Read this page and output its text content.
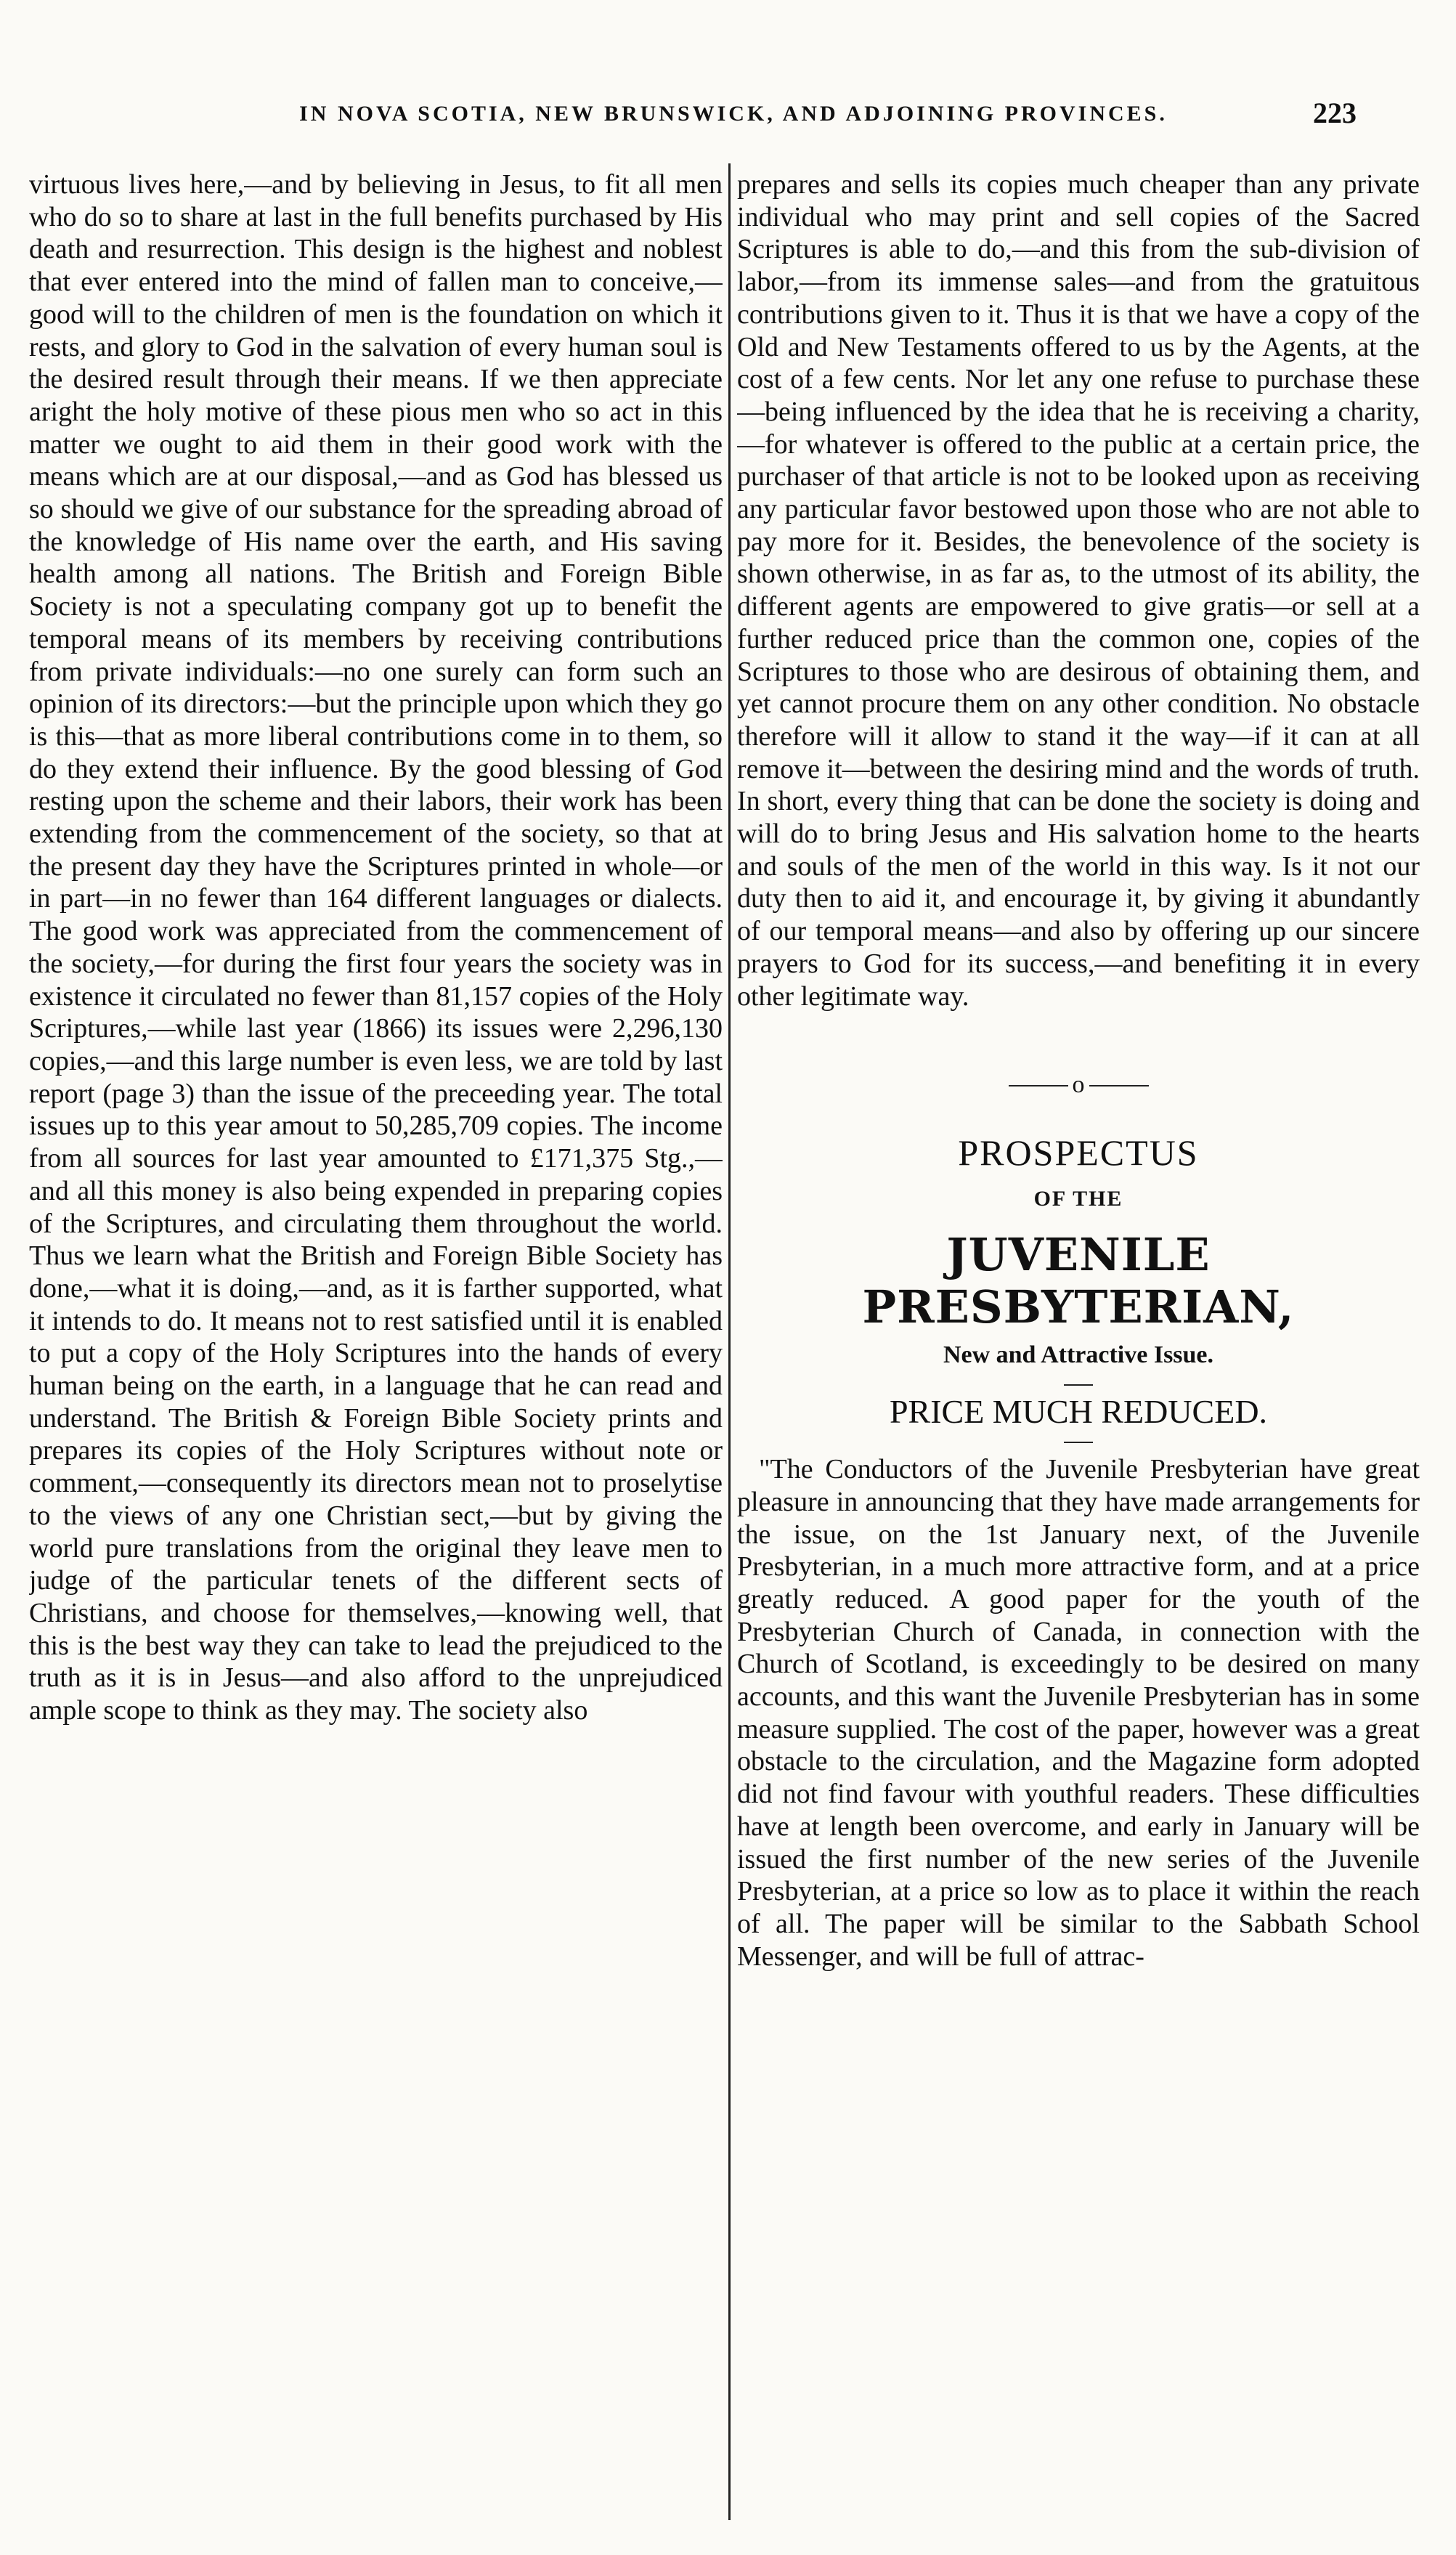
IN NOVA SCOTIA, NEW BRUNSWICK, AND ADJOINING PROVINCES.	223

virtuous lives here,—and by believing in Jesus, to fit all men who do so to share at last in the full benefits purchased by His death and resurrection. This design is the highest and noblest that ever entered into the mind of fallen man to conceive,—good will to the children of men is the foundation on which it rests, and glory to God in the salvation of every human soul is the desired result through their means. If we then appreciate aright the holy motive of these pious men who so act in this matter we ought to aid them in their good work with the means which are at our disposal,—and as God has blessed us so should we give of our substance for the spreading abroad of the knowledge of His name over the earth, and His saving health among all nations. The British and Foreign Bible Society is not a speculating company got up to benefit the temporal means of its members by receiving contributions from private individuals:—no one surely can form such an opinion of its directors:—but the principle upon which they go is this—that as more liberal contributions come in to them, so do they extend their influence. By the good blessing of God resting upon the scheme and their labors, their work has been extending from the commencement of the society, so that at the present day they have the Scriptures printed in whole—or in part—in no fewer than 164 different languages or dialects. The good work was appreciated from the commencement of the society,—for during the first four years the society was in existence it circulated no fewer than 81,157 copies of the Holy Scriptures,—while last year (1866) its issues were 2,296,130 copies,—and this large number is even less, we are told by last report (page 3) than the issue of the preceeding year. The total issues up to this year amout to 50,285,709 copies. The income from all sources for last year amounted to £171,375 Stg.,—and all this money is also being expended in preparing copies of the Scriptures, and circulating them throughout the world. Thus we learn what the British and Foreign Bible Society has done,—what it is doing,—and, as it is farther supported, what it intends to do. It means not to rest satisfied until it is enabled to put a copy of the Holy Scriptures into the hands of every human being on the earth, in a language that he can read and understand. The British & Foreign Bible Society prints and prepares its copies of the Holy Scriptures without note or comment,—consequently its directors mean not to proselytise to the views of any one Christian sect,—but by giving the world pure translations from the original they leave men to judge of the particular tenets of the different sects of Christians, and choose for themselves,—knowing well, that this is the best way they can take to lead the prejudiced to the truth as it is in Jesus—and also afford to the unprejudiced ample scope to think as they may. The society also

prepares and sells its copies much cheaper than any private individual who may print and sell copies of the Sacred Scriptures is able to do,—and this from the sub-division of labor,—from its immense sales—and from the gratuitous contributions given to it. Thus it is that we have a copy of the Old and New Testaments offered to us by the Agents, at the cost of a few cents. Nor let any one refuse to purchase these—being influenced by the idea that he is receiving a charity,—for whatever is offered to the public at a certain price, the purchaser of that article is not to be looked upon as receiving any particular favor bestowed upon those who are not able to pay more for it. Besides, the benevolence of the society is shown otherwise, in as far as, to the utmost of its ability, the different agents are empowered to give gratis—or sell at a further reduced price than the common one, copies of the Scriptures to those who are desirous of obtaining them, and yet cannot procure them on any other condition. No obstacle therefore will it allow to stand it the way—if it can at all remove it—between the desiring mind and the words of truth. In short, every thing that can be done the society is doing and will do to bring Jesus and His salvation home to the hearts and souls of the men of the world in this way. Is it not our duty then to aid it, and encourage it, by giving it abundantly of our temporal means—and also by offering up our sincere prayers to God for its success,—and benefiting it in every other legitimate way.

o
PROSPECTUS
OF THE
JUVENILE PRESBYTERIAN,
New and Attractive Issue.
PRICE MUCH REDUCED.

"The Conductors of the Juvenile Presbyterian have great pleasure in announcing that they have made arrangements for the issue, on the 1st January next, of the Juvenile Presbyterian, in a much more attractive form, and at a price greatly reduced. A good paper for the youth of the Presbyterian Church of Canada, in connection with the Church of Scotland, is exceedingly to be desired on many accounts, and this want the Juvenile Presbyterian has in some measure supplied. The cost of the paper, however was a great obstacle to the circulation, and the Magazine form adopted did not find favour with youthful readers. These difficulties have at length been overcome, and early in January will be issued the first number of the new series of the Juvenile Presbyterian, at a price so low as to place it within the reach of all. The paper will be similar to the Sabbath School Messenger, and will be full of attrac-
